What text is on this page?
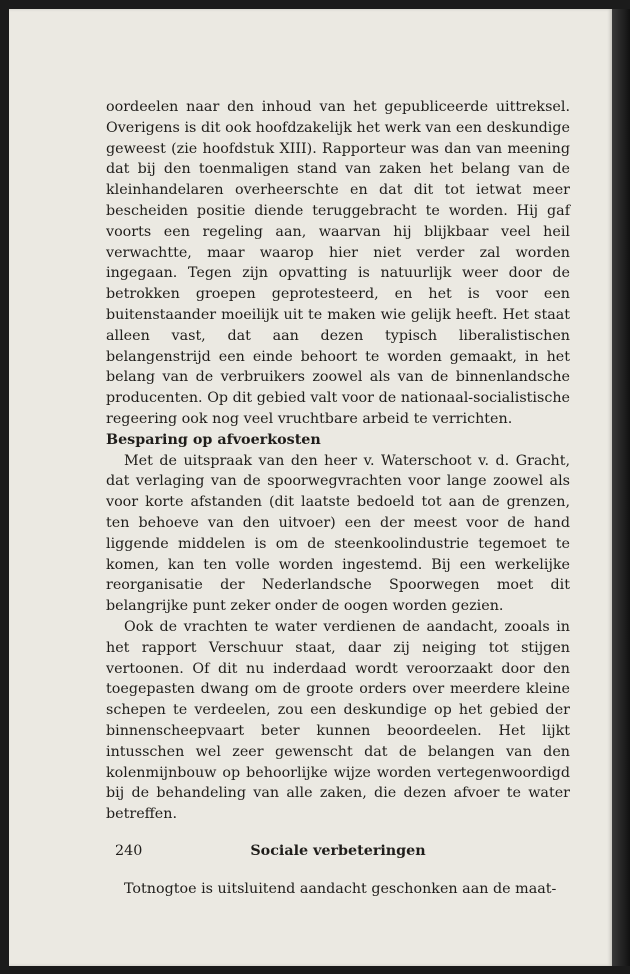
oordeelen naar den inhoud van het gepubliceerde uittreksel. Overigens is dit ook hoofdzakelijk het werk van een deskundige geweest (zie hoofdstuk XIII). Rapporteur was dan van meening dat bij den toenmaligen stand van zaken het belang van de kleinhandelaren overheerschte en dat dit tot ietwat meer bescheiden positie diende teruggebracht te worden. Hij gaf voorts een regeling aan, waarvan hij blijkbaar veel heil verwachtte, maar waarop hier niet verder zal worden ingegaan. Tegen zijn opvatting is natuurlijk weer door de betrokken groepen geprotesteerd, en het is voor een buitenstaander moeilijk uit te maken wie gelijk heeft. Het staat alleen vast, dat aan dezen typisch liberalistischen belangenstrijd een einde behoort te worden gemaakt, in het belang van de verbruikers zoowel als van de binnenlandsche producenten. Op dit gebied valt voor de nationaal-socialistische regeering ook nog veel vruchtbare arbeid te verrichten.

Besparing op afvoerkosten

Met de uitspraak van den heer v. Waterschoot v. d. Gracht, dat verlaging van de spoorwegvrachten voor lange zoowel als voor korte afstanden (dit laatste bedoeld tot aan de grenzen, ten behoeve van den uitvoer) een der meest voor de hand liggende middelen is om de steenkoolindustrie tegemoet te komen, kan ten volle worden ingestemd. Bij een werkelijke reorganisatie der Nederlandsche Spoorwegen moet dit belangrijke punt zeker onder de oogen worden gezien.

Ook de vrachten te water verdienen de aandacht, zooals in het rapport Verschuur staat, daar zij neiging tot stijgen vertoonen. Of dit nu inderdaad wordt veroorzaakt door den toegepasten dwang om de groote orders over meerdere kleine schepen te verdeelen, zou een deskundige op het gebied der binnenscheepvaart beter kunnen beoordeelen. Het lijkt intusschen wel zeer gewenscht dat de belangen van den kolenmijnbouw op behoorlijke wijze worden vertegenwoordigd bij de behandeling van alle zaken, die dezen afvoer te water betreffen.

Sociale verbeteringen

Totnogtoe is uitsluitend aandacht geschonken aan de maat-

240
